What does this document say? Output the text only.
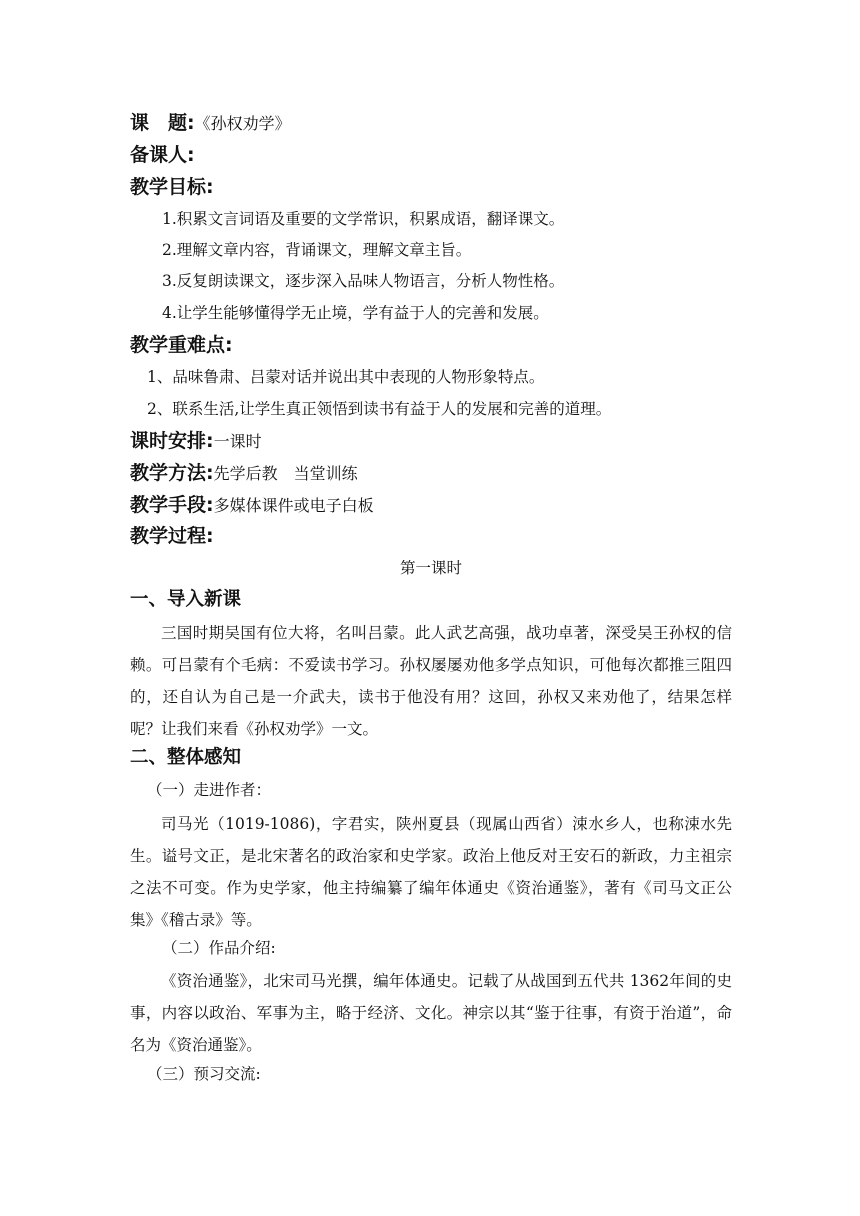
课　题:《孙权劝学》
备课人:
教学目标:
1.积累文言词语及重要的文学常识，积累成语，翻译课文。
2.理解文章内容，背诵课文，理解文章主旨。
3.反复朗读课文，逐步深入品味人物语言，分析人物性格。
4.让学生能够懂得学无止境，学有益于人的完善和发展。
教学重难点:
1、品味鲁肃、吕蒙对话并说出其中表现的人物形象特点。
2、联系生活,让学生真正领悟到读书有益于人的发展和完善的道理。
课时安排:一课时
教学方法:先学后教　当堂训练
教学手段:多媒体课件或电子白板
教学过程:
第一课时
一、导入新课

三国时期吴国有位大将，名叫吕蒙。此人武艺高强，战功卓著，深受吴王孙权的信赖。可吕蒙有个毛病：不爱读书学习。孙权屡屡劝他多学点知识，可他每次都推三阻四的，还自认为自己是一介武夫，读书于他没有用？这回，孙权又来劝他了，结果怎样呢？让我们来看《孙权劝学》一文。

二、整体感知
（一）走进作者：

司马光（1019-1086)，字君实，陕州夏县（现属山西省）涑水乡人，也称涑水先生。谥号文正，是北宋著名的政治家和史学家。政治上他反对王安石的新政，力主祖宗之法不可变。作为史学家，他主持编纂了编年体通史《资治通鉴》，著有《司马文正公集》《稽古录》等。

（二）作品介绍:

《资治通鉴》，北宋司马光撰，编年体通史。记载了从战国到五代共 1362年间的史事，内容以政治、军事为主，略于经济、文化。神宗以其“鉴于往事，有资于治道”，命名为《资治通鉴》。

（三）预习交流:
